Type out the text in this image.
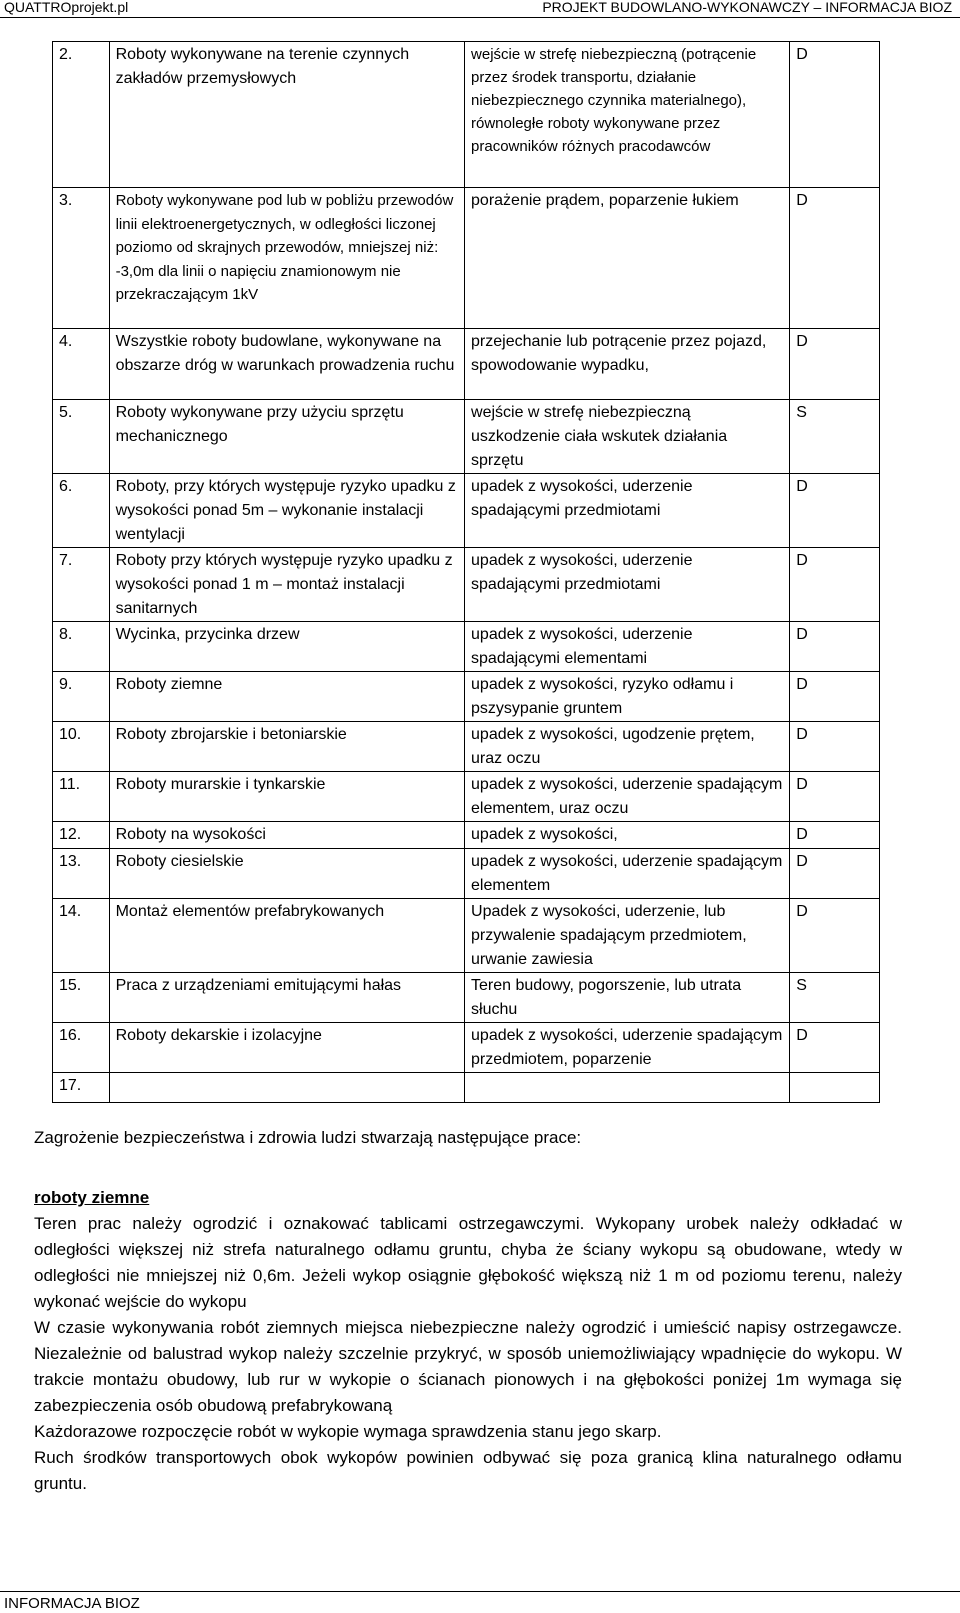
QUATTROprojekt.pl	PROJEKT BUDOWLANO-WYKONAWCZY – INFORMACJA BIOZ
2.	Roboty wykonywane na terenie czynnych zakładów przemysłowych	wejście w strefę niebezpieczną (potrącenie przez środek transportu, działanie niebezpiecznego czynnika materialnego), równoległe roboty wykonywane przez pracowników różnych pracodawców	D
3.	Roboty wykonywane pod lub w pobliżu przewodów linii elektroenergetycznych, w odległości liczonej poziomo od skrajnych przewodów, mniejszej niż: -3,0m dla linii o napięciu znamionowym nie przekraczającym 1kV	porażenie prądem, poparzenie łukiem	D
4.	Wszystkie roboty budowlane, wykonywane na obszarze dróg w warunkach prowadzenia ruchu	przejechanie lub potrącenie przez pojazd, spowodowanie wypadku,	D
5.	Roboty wykonywane przy użyciu sprzętu mechanicznego	wejście w strefę niebezpieczną uszkodzenie ciała wskutek działania sprzętu	S
6.	Roboty, przy których występuje ryzyko upadku z wysokości ponad 5m – wykonanie instalacji wentylacji	upadek z wysokości, uderzenie spadającymi przedmiotami	D
7.	Roboty przy których występuje ryzyko upadku z wysokości ponad 1 m – montaż instalacji sanitarnych	upadek z wysokości, uderzenie spadającymi przedmiotami	D
8.	Wycinka, przycinka drzew	upadek z wysokości, uderzenie spadającymi elementami	D
9.	Roboty ziemne	upadek z wysokości, ryzyko odłamu i pszysypanie gruntem	D
10.	Roboty zbrojarskie i betoniarskie	upadek z wysokości, ugodzenie prętem, uraz oczu	D
11.	Roboty murarskie i tynkarskie	upadek z wysokości, uderzenie spadającym elementem, uraz oczu	D
12.	Roboty na wysokości	upadek z wysokości,	D
13.	Roboty ciesielskie	upadek z wysokości, uderzenie spadającym elementem	D
14.	Montaż elementów prefabrykowanych	Upadek z wysokości, uderzenie, lub przywalenie spadającym przedmiotem, urwanie zawiesia	D
15.	Praca z urządzeniami emitującymi hałas	Teren budowy, pogorszenie, lub utrata słuchu	S
16.	Roboty dekarskie i izolacyjne	upadek z wysokości, uderzenie spadającym przedmiotem, poparzenie	D
17.			

Zagrożenie bezpieczeństwa i zdrowia ludzi stwarzają następujące prace:

roboty ziemne

Teren prac należy ogrodzić i oznakować tablicami ostrzegawczymi. Wykopany urobek należy odkładać w odległości większej niż strefa naturalnego odłamu gruntu, chyba że ściany wykopu są obudowane, wtedy w odległości nie mniejszej niż 0,6m. Jeżeli wykop osiągnie głębokość większą niż 1 m od poziomu terenu, należy wykonać wejście do wykopu

W czasie wykonywania robót ziemnych miejsca niebezpieczne należy ogrodzić i umieścić napisy ostrzegawcze. Niezależnie od balustrad wykop należy szczelnie przykryć, w sposób uniemożliwiający wpadnięcie do wykopu. W trakcie montażu obudowy, lub rur w wykopie o ścianach pionowych i na głębokości poniżej 1m wymaga się zabezpieczenia osób obudową prefabrykowaną

Każdorazowe rozpoczęcie robót w wykopie wymaga sprawdzenia stanu jego skarp.

Ruch środków transportowych obok wykopów powinien odbywać się poza granicą klina naturalnego odłamu gruntu.

INFORMACJA BIOZ
